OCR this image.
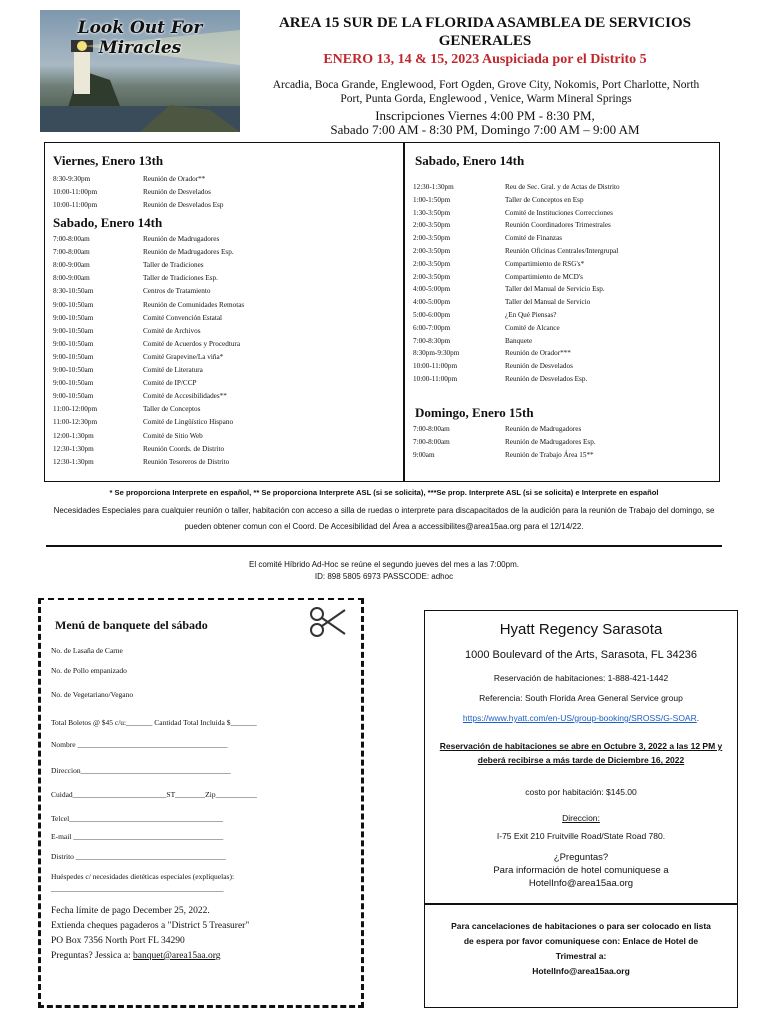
Look Out For Miracles
AREA 15 SUR DE LA FLORIDA ASAMBLEA DE SERVICIOS GENERALES
ENERO 13, 14 & 15, 2023 Auspiciada por el Distrito 5
Arcadia, Boca Grande, Englewood, Fort Ogden, Grove City, Nokomis, Port Charlotte, North Port, Punta Gorda, Englewood , Venice, Warm Mineral Springs
Inscripciones Viernes 4:00 PM - 8:30 PM,
Sabado 7:00 AM - 8:30 PM, Domingo 7:00 AM – 9:00 AM
Viernes, Enero 13th
8:30-9:30pm	Reunión de Orador**
10:00-11:00pm	Reunión de Desvelados
10:00-11:00pm	Reunión de Desvelados Esp
Sabado, Enero 14th
7:00-8:00am	Reunión de Madrugadores
7:00-8:00am	Reunión de Madrugadores Esp.
8:00-9:00am	Taller de Tradiciones
8:00-9:00am	Taller de Tradiciones Esp.
8:30-10:50am	Centros de Tratamiento
9:00-10:50am	Reunión de Comunidades Remotas
9:00-10:50am	Comité Convención Estatal
9:00-10:50am	Comité de Archivos
9:00-10:50am	Comité de Acuerdos y Procedtura
9:00-10:50am	Comité Grapevine/La viña*
9:00-10:50am	Comité de Literatura
9:00-10:50am	Comité de IP/CCP
9:00-10:50am	Comité de Accesibilidades**
11:00-12:00pm	Taller de Conceptos
11:00-12:30pm	Comité de Lingüístico Hispano
12:00-1:30pm	Comité de Sitio Web
12:30-1:30pm	Reunión Coords. de Distrito
12:30-1:30pm	Reunión Tesoreros de Distrito
Sabado, Enero 14th
12:30-1:30pm	Reu de Sec. Gral. y de Actas de Distrito
1:00-1:50pm	Taller de Conceptos en Esp
1:30-3:50pm	Comité de Instituciones Correcciones
2:00-3:50pm	Reunión Coordinadores Trimestrales
2:00-3:50pm	Comité de Finanzas
2:00-3:50pm	Reunión Oficinas Centrales/Intergrupal
2:00-3:50pm	Compartimiento de RSG's*
2:00-3:50pm	Compartimiento de MCD's
4:00-5:00pm	Taller del Manual de Servicio Esp.
4:00-5:00pm	Taller del Manual de Servicio
5:00-6:00pm	¿En Qué Piensas?
6:00-7:00pm	Comité de Alcance
7:00-8:30pm	Banquete
8:30pm-9:30pm	Reunión de Orador***
10:00-11:00pm	Reunión de Desvelados
10:00-11:00pm	Reunión de Desvelados Esp.
Domingo, Enero 15th
7:00-8:00am	Reunión de Madrugadores
7:00-8:00am	Reunión de Madrugadores Esp.
9:00am	Reunión de Trabajo Área 15**
* Se proporciona Interprete en español, ** Se proporciona Interprete ASL (si se solicita), ***Se prop. Interprete ASL (si se solicita) e Interprete en español
Necesidades Especiales para cualquier reunión o taller, habitación con acceso a silla de ruedas o interprete para discapacitados de la audición para la reunión de Trabajo del domingo, se pueden obtener comun con el Coord. De Accesibilidad del Área a accessibilites@area15aa.org para el 12/14/22.
El comité Híbrido Ad-Hoc se reúne el segundo jueves del mes a las 7:00pm.
ID: 898 5805 6973 PASSCODE: adhoc
Menú de banquete del sábado
No. de Lasaña de Carne
No. de Pollo empanizado
No. de Vegetariano/Vegano
Total Boletos @ $45 c/u:_______ Cantidad Total Incluida $_______
Nombre ________________________________________
Direccion________________________________________
Cuidad_________________________ST________Zip___________
Telcel_________________________________________
E-mail ________________________________________
Distrito ________________________________________
Huéspedes c/ necesidades dietéticas especiales (explíquelas):
______________________________________________
Fecha límite de pago December 25, 2022.
Extienda cheques pagaderos a "District 5 Treasurer"
PO Box 7356 North Port FL 34290
Preguntas? Jessica a: banquet@area15aa.org
Hyatt Regency Sarasota
1000 Boulevard of the Arts, Sarasota, FL 34236
Reservación de habitaciones: 1-888-421-1442
Referencia: South Florida Area General Service group
https://www.hyatt.com/en-US/group-booking/SROSS/G-SOAR.
Reservación de habitaciones se abre en Octubre 3, 2022 a las 12 PM y deberá recibirse a más tarde de Diciembre 16, 2022
costo por habitación: $145.00
Direccion:
I-75 Exit 210 Fruitville Road/State Road 780.
¿Preguntas?
Para información de hotel comuniquese a
HotelInfo@area15aa.org
Para cancelaciones de habitaciones o para ser colocado en lista de espera por favor comuniquese con: Enlace de Hotel de Trimestral a:
HotelInfo@area15aa.org
